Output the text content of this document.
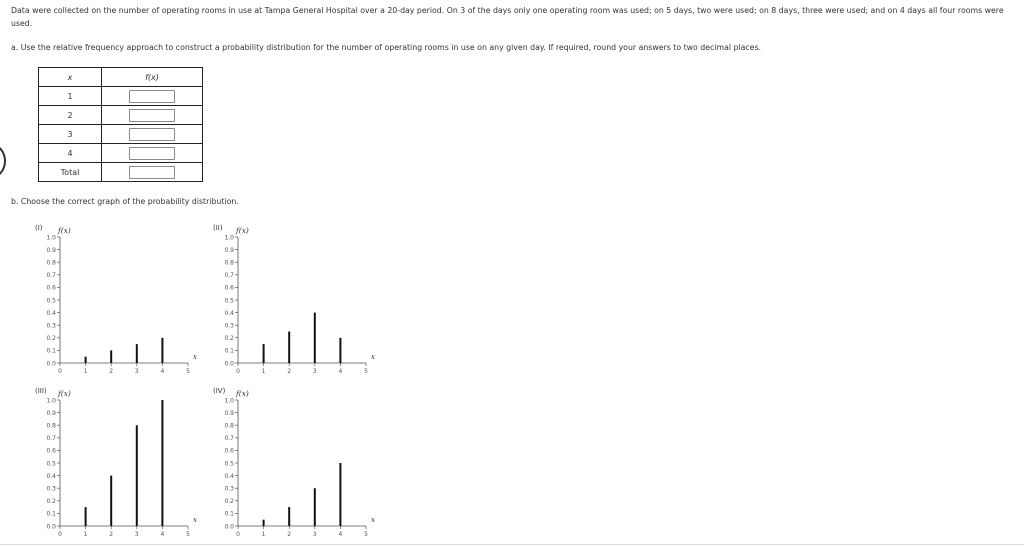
Data were collected on the number of operating rooms in use at Tampa General Hospital over a 20-day period. On 3 of the days only one operating room was used; on 5 days, two were used; on 8 days, three were used; and on 4 days all four rooms were used.
a. Use the relative frequency approach to construct a probability distribution for the number of operating rooms in use on any given day. If required, round your answers to two decimal places.
x	f(x)
1	

2	

3	

4	

Total	
b. Choose the correct graph of the probability distribution.
(I) f(x)
0.0
0.1
0.2
0.3
0.4
0.5
0.6
0.7
0.8
0.9
1.0
0	1	2	3	4	5
x
(II) f(x)
0.0
0.1
0.2
0.3
0.4
0.5
0.6
0.7
0.8
0.9
1.0
0	1	2	3	4	5
x
(III) f(x)
0.0
0.1
0.2
0.3
0.4
0.5
0.6
0.7
0.8
0.9
1.0
0	1	2	3	4	5
x
(IV) f(x)
0.0
0.1
0.2
0.3
0.4
0.5
0.6
0.7
0.8
0.9
1.0
0	1	2	3	4	5
x
